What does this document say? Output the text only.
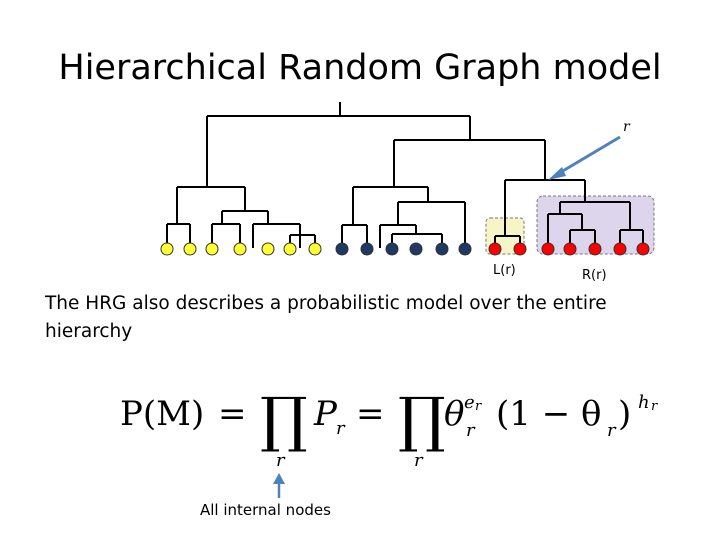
Hierarchical Random Graph model
r
L(r)	R(r)
P(M) = ∏
r
P r = ∏
r
θ r
e r (1 − θ r ) h r
The HRG also describes a probabilistic model over the entire hierarchy
All internal nodes
